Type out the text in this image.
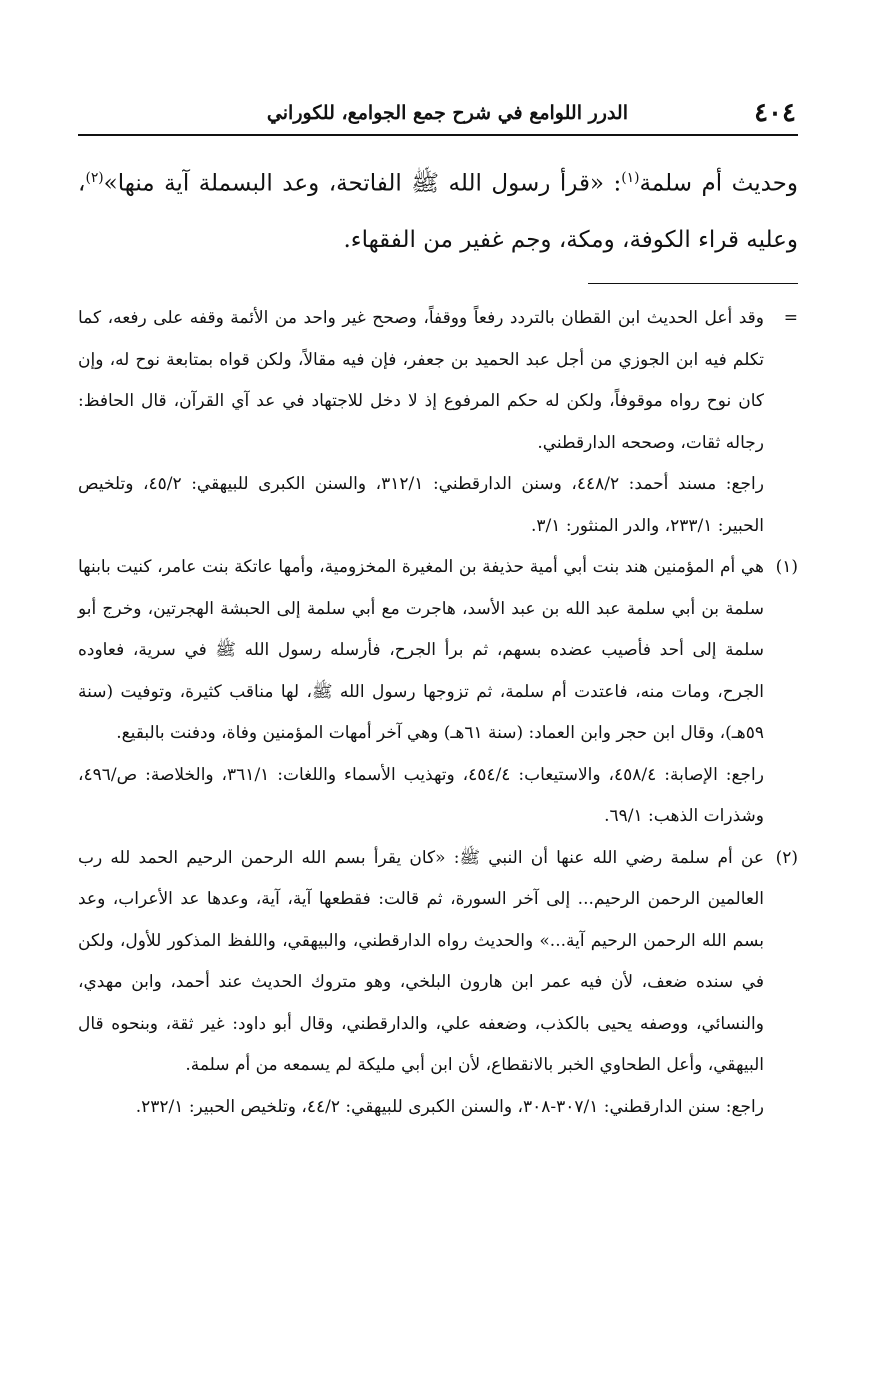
٤٠٤
الدرر اللوامع في شرح جمع الجوامع، للكوراني
وحديث أم سلمة$^{(١)}$: «قرأ رسول الله ﷺ الفاتحة، وعد البسملة آية منها»$^{(٢)}$، وعليه قراء الكوفة، ومكة، وجم غفير من الفقهاء.
=

وقد أعل الحديث ابن القطان بالتردد رفعاً ووقفاً، وصحح غير واحد من الأئمة وقفه على رفعه، كما تكلم فيه ابن الجوزي من أجل عبد الحميد بن جعفر، فإن فيه مقالاً، ولكن قواه بمتابعة نوح له، وإن كان نوح رواه موقوفاً، ولكن له حكم المرفوع إذ لا دخل للاجتهاد في عد آي القرآن، قال الحافظ: رجاله ثقات، وصححه الدارقطني.

راجع: مسند أحمد: ٤٤٨/٢، وسنن الدارقطني: ٣١٢/١، والسنن الكبرى للبيهقي: ٤٥/٢، وتلخيص الحبير: ٢٣٣/١، والدر المنثور: ٣/١.

(١)

هي أم المؤمنين هند بنت أبي أمية حذيفة بن المغيرة المخزومية، وأمها عاتكة بنت عامر، كنيت بابنها سلمة بن أبي سلمة عبد الله بن عبد الأسد، هاجرت مع أبي سلمة إلى الحبشة الهجرتين، وخرج أبو سلمة إلى أحد فأصيب عضده بسهم، ثم برأ الجرح، فأرسله رسول الله ﷺ في سرية، فعاوده الجرح، ومات منه، فاعتدت أم سلمة، ثم تزوجها رسول الله ﷺ، لها مناقب كثيرة، وتوفيت (سنة ٥٩هـ)، وقال ابن حجر وابن العماد: (سنة ٦١هـ) وهي آخر أمهات المؤمنين وفاة، ودفنت بالبقيع.

راجع: الإصابة: ٤٥٨/٤، والاستيعاب: ٤٥٤/٤، وتهذيب الأسماء واللغات: ٣٦١/١، والخلاصة: ص/٤٩٦، وشذرات الذهب: ٦٩/١.

(٢)

عن أم سلمة رضي الله عنها أن النبي ﷺ: «كان يقرأ بسم الله الرحمن الرحيم الحمد لله رب العالمين الرحمن الرحيم... إلى آخر السورة، ثم قالت: فقطعها آية، آية، وعدها عد الأعراب، وعد بسم الله الرحمن الرحيم آية...» والحديث رواه الدارقطني، والبيهقي، واللفظ المذكور للأول، ولكن في سنده ضعف، لأن فيه عمر ابن هارون البلخي، وهو متروك الحديث عند أحمد، وابن مهدي، والنسائي، ووصفه يحيى بالكذب، وضعفه علي، والدارقطني، وقال أبو داود: غير ثقة، وبنحوه قال البيهقي، وأعل الطحاوي الخبر بالانقطاع، لأن ابن أبي مليكة لم يسمعه من أم سلمة.

راجع: سنن الدارقطني: ٣٠٧/١-٣٠٨، والسنن الكبرى للبيهقي: ٤٤/٢، وتلخيص الحبير: ٢٣٢/١.
